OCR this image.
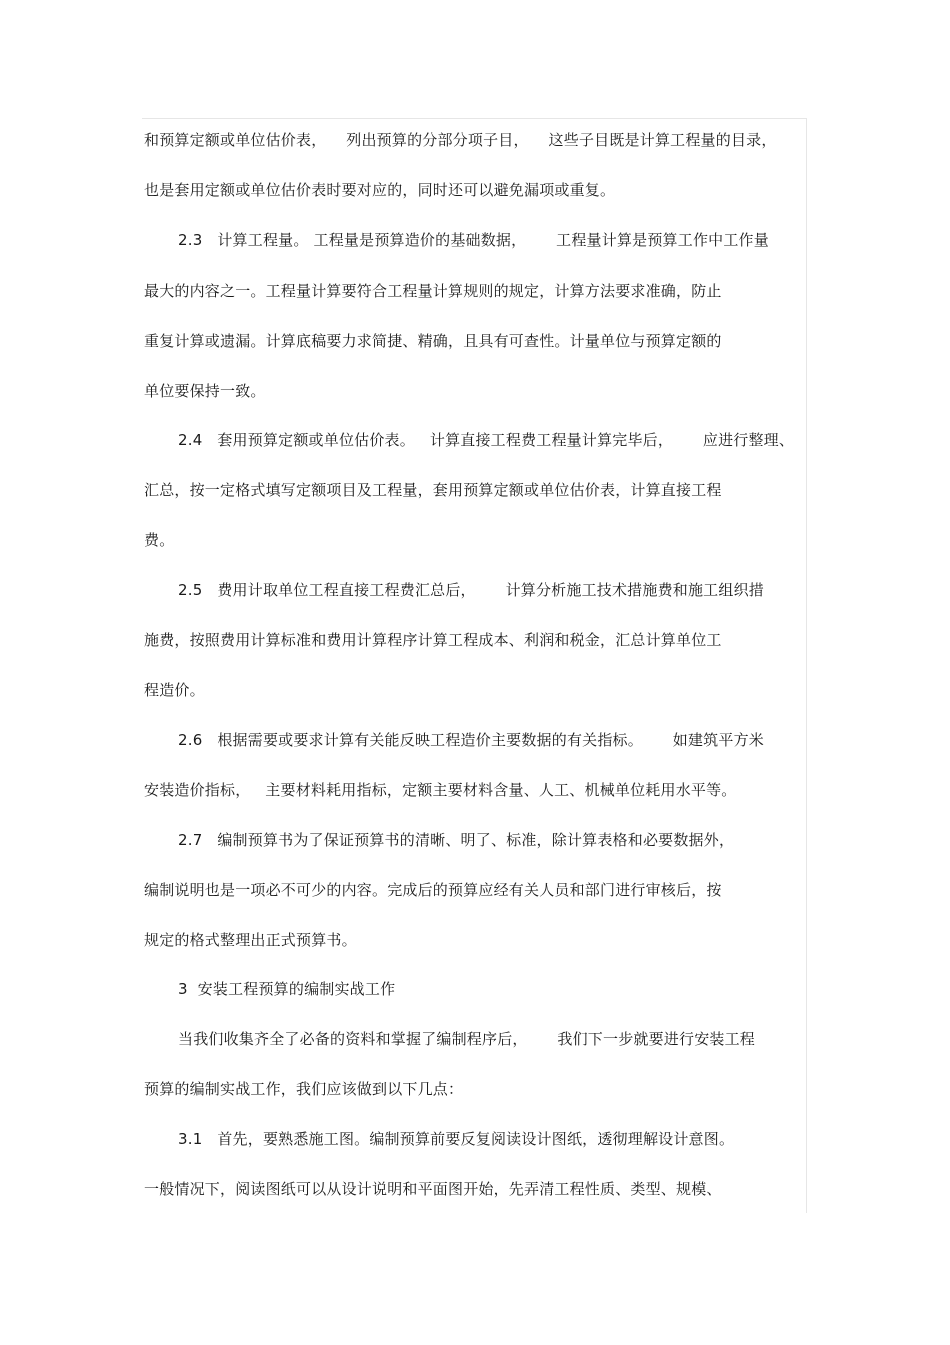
和预算定额或单位估价表，    列出预算的分部分项子目，    这些子目既是计算工程量的目录，
也是套用定额或单位估价表时要对应的，同时还可以避免漏项或重复。
2.3   计算工程量。 工程量是预算造价的基础数据，      工程量计算是预算工作中工作量
最大的内容之一。工程量计算要符合工程量计算规则的规定，计算方法要求准确，防止
重复计算或遗漏。计算底稿要力求简捷、精确，且具有可查性。计量单位与预算定额的
单位要保持一致。
2.4   套用预算定额或单位估价表。   计算直接工程费工程量计算完毕后，      应进行整理、
汇总，按一定格式填写定额项目及工程量，套用预算定额或单位估价表，计算直接工程
费。
2.5   费用计取单位工程直接工程费汇总后，      计算分析施工技术措施费和施工组织措
施费，按照费用计算标准和费用计算程序计算工程成本、利润和税金，汇总计算单位工
程造价。
2.6   根据需要或要求计算有关能反映工程造价主要数据的有关指标。      如建筑平方米
安装造价指标，   主要材料耗用指标，定额主要材料含量、人工、机械单位耗用水平等。
2.7   编制预算书为了保证预算书的清晰、明了、标准，除计算表格和必要数据外，
编制说明也是一项必不可少的内容。完成后的预算应经有关人员和部门进行审核后，按
规定的格式整理出正式预算书。
3  安装工程预算的编制实战工作
当我们收集齐全了必备的资料和掌握了编制程序后，      我们下一步就要进行安装工程
预算的编制实战工作，我们应该做到以下几点：
3.1   首先，要熟悉施工图。编制预算前要反复阅读设计图纸，透彻理解设计意图。
一般情况下，阅读图纸可以从设计说明和平面图开始，先弄清工程性质、类型、规模、
